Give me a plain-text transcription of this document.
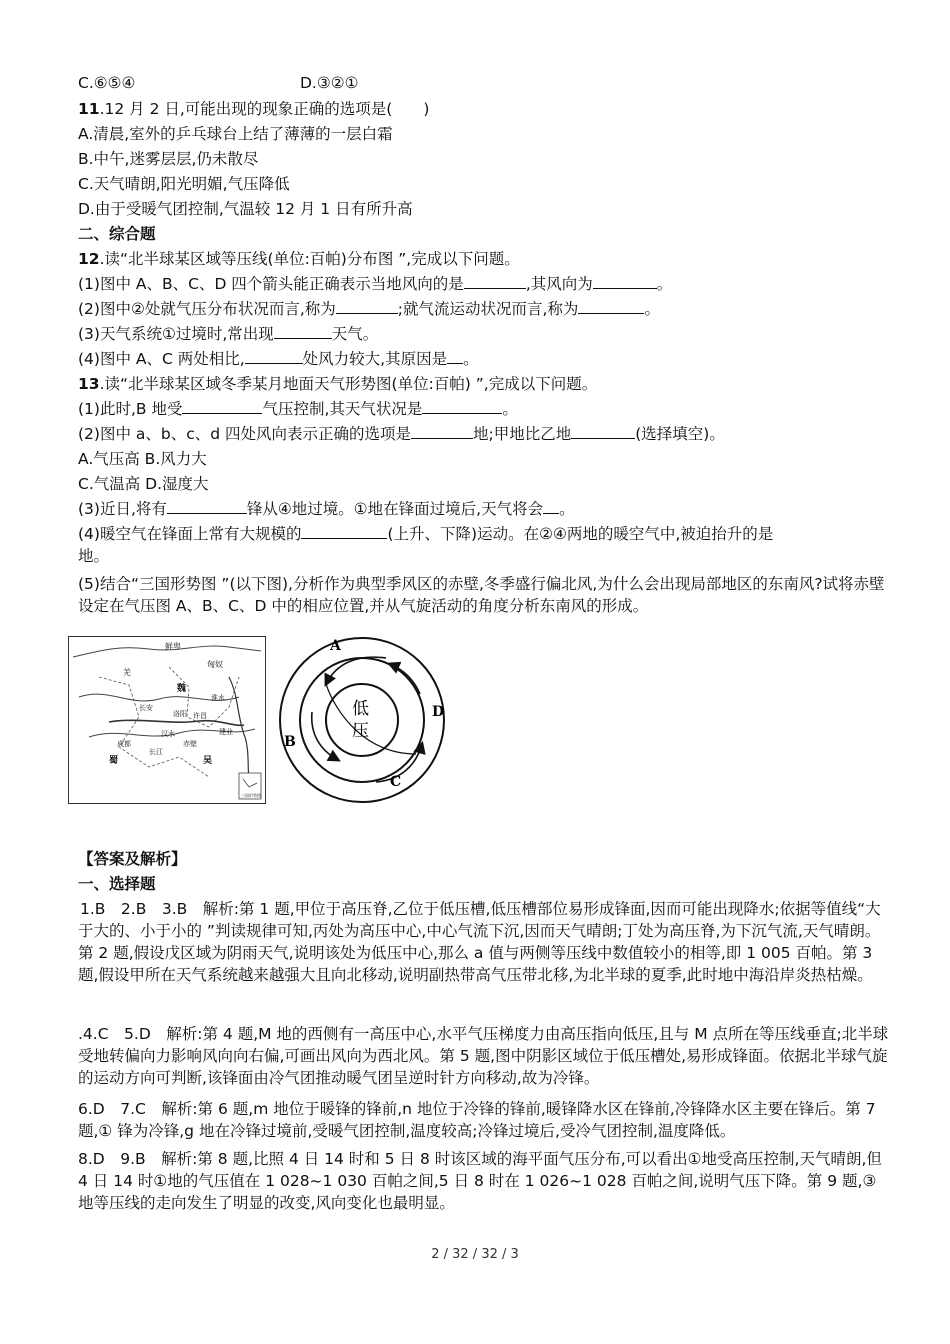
C.⑥⑤④	D.③②①
11.12 月 2 日,可能出现的现象正确的选项是(　　)
A.清晨,室外的乒乓球台上结了薄薄的一层白霜
B.中午,迷雾层层,仍未散尽
C.天气晴朗,阳光明媚,气压降低
D.由于受暖气团控制,气温较 12 月 1 日有所升高
二、综合题
12.读“北半球某区域等压线(单位:百帕)分布图 ”,完成以下问题。
(1)图中 A、B、C、D 四个箭头能正确表示当地风向的是	,其风向为	。
(2)图中②处就气压分布状况而言,称为	;就气流运动状况而言,称为	。
(3)天气系统①过境时,常出现	天气。
(4)图中 A、C 两处相比,	处风力较大,其原因是 。
13.读“北半球某区域冬季某月地面天气形势图(单位:百帕) ”,完成以下问题。
(1)此时,B 地受	气压控制,其天气状况是	。
(2)图中 a、b、c、d 四处风向表示正确的选项是	地;甲地比乙地	(选择填空)。
A.气压高 B.风力大
C.气温高 D.湿度大
(3)近日,将有	锋从④地过境。①地在锋面过境后,天气将会 。
(4)暖空气在锋面上常有大规模的	(上升、下降)运动。在②④两地的暖空气中,被迫抬升的是
地。
(5)结合“三国形势图 ”(以下图),分析作为典型季风区的赤壁,冬季盛行偏北风,为什么会出现局部地区的东南风?试将赤壁设定在气压图 A、B、C、D 中的相应位置,并从气旋活动的角度分析东南风的形成。
鲜卑
匈奴
羌
魏
洛阳
淮水
长安
许昌
建业
成都
蜀	吴
赤壁
汉水
长江
三国形势图
A
B
C
D
低
压
【答案及解析】
一、选择题
1.B　2.B　3.B　解析:第 1 题,甲位于高压脊,乙位于低压槽,低压槽部位易形成锋面,因而可能出现降水;依据等值线“大于大的、小于小的 ”判读规律可知,丙处为高压中心,中心气流下沉,因而天气晴朗;丁处为高压脊,为下沉气流,天气晴朗。第 2 题,假设戊区域为阴雨天气,说明该处为低压中心,那么 a 值与两侧等压线中数值较小的相等,即 1 005 百帕。第 3 题,假设甲所在天气系统越来越强大且向北移动,说明副热带高气压带北移,为北半球的夏季,此时地中海沿岸炎热枯燥。
.4.C　5.D　解析:第 4 题,M 地的西侧有一高压中心,水平气压梯度力由高压指向低压,且与 M 点所在等压线垂直;北半球受地转偏向力影响风向向右偏,可画出风向为西北风。第 5 题,图中阴影区域位于低压槽处,易形成锋面。依据北半球气旋的运动方向可判断,该锋面由冷气团推动暖气团呈逆时针方向移动,故为冷锋。
6.D　7.C　解析:第 6 题,m 地位于暖锋的锋前,n 地位于冷锋的锋前,暖锋降水区在锋前,冷锋降水区主要在锋后。第 7 题,① 锋为冷锋,g 地在冷锋过境前,受暖气团控制,温度较高;冷锋过境后,受冷气团控制,温度降低。
8.D　9.B　解析:第 8 题,比照 4 日 14 时和 5 日 8 时该区域的海平面气压分布,可以看出①地受高压控制,天气晴朗,但 4 日 14 时①地的气压值在 1 028~1 030 百帕之间,5 日 8 时在 1 026~1 028 百帕之间,说明气压下降。第 9 题,③ 地等压线的走向发生了明显的改变,风向变化也最明显。
2 / 32 / 32 / 3
